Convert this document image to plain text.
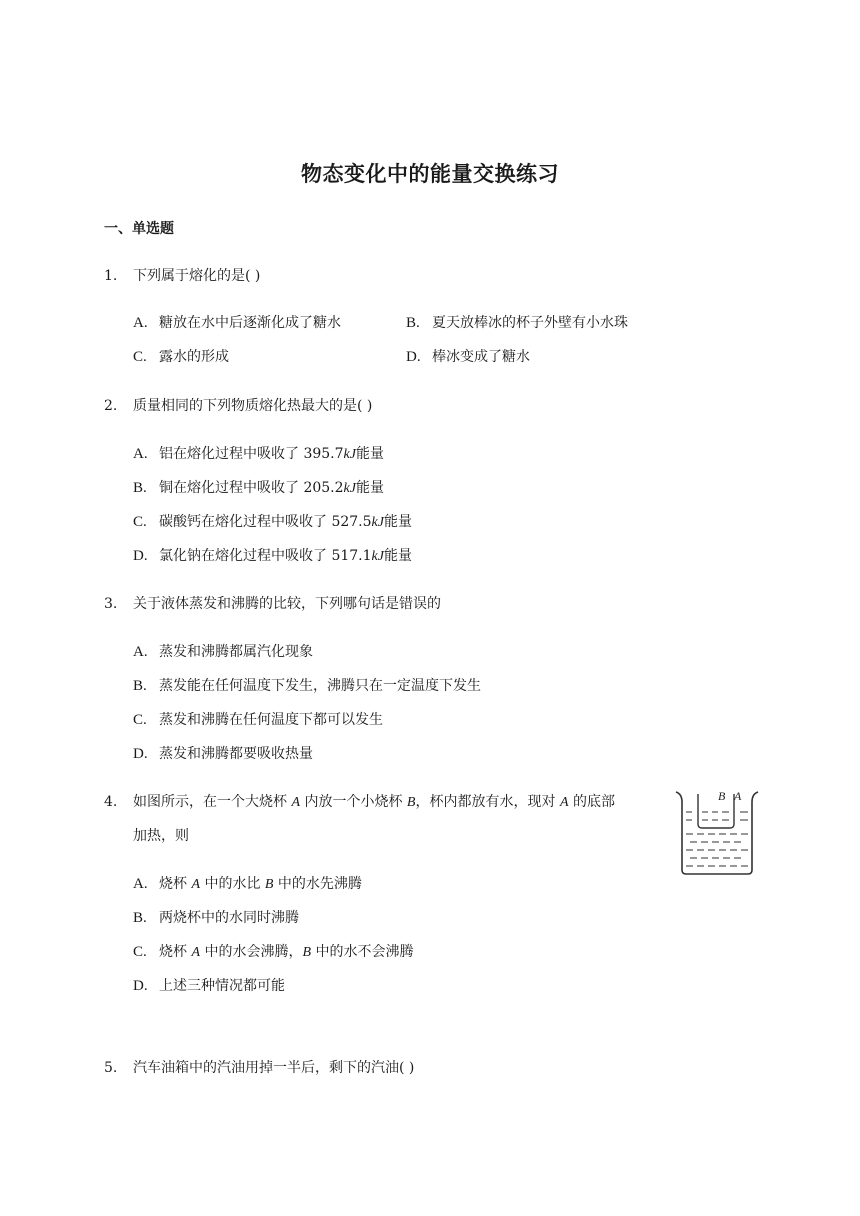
物态变化中的能量交换练习
一、单选题
1. 下列属于熔化的是( )
A. 糖放在水中后逐渐化成了糖水	B. 夏天放棒冰的杯子外壁有小水珠
C. 露水的形成	D. 棒冰变成了糖水
2. 质量相同的下列物质熔化热最大的是( )
A. 铝在熔化过程中吸收了 395.7kJ能量
B. 铜在熔化过程中吸收了 205.2kJ能量
C. 碳酸钙在熔化过程中吸收了 527.5kJ能量
D. 氯化钠在熔化过程中吸收了 517.1kJ能量
3. 关于液体蒸发和沸腾的比较，下列哪句话是错误的
A. 蒸发和沸腾都属汽化现象
B. 蒸发能在任何温度下发生，沸腾只在一定温度下发生
C. 蒸发和沸腾在任何温度下都可以发生
D. 蒸发和沸腾都要吸收热量
4. 如图所示，在一个大烧杯 A 内放一个小烧杯 B，杯内都放有水，现对 A 的底部
加热，则
B A
A. 烧杯 A 中的水比 B 中的水先沸腾
B. 两烧杯中的水同时沸腾
C. 烧杯 A 中的水会沸腾，B 中的水不会沸腾
D. 上述三种情况都可能
5. 汽车油箱中的汽油用掉一半后，剩下的汽油( )
